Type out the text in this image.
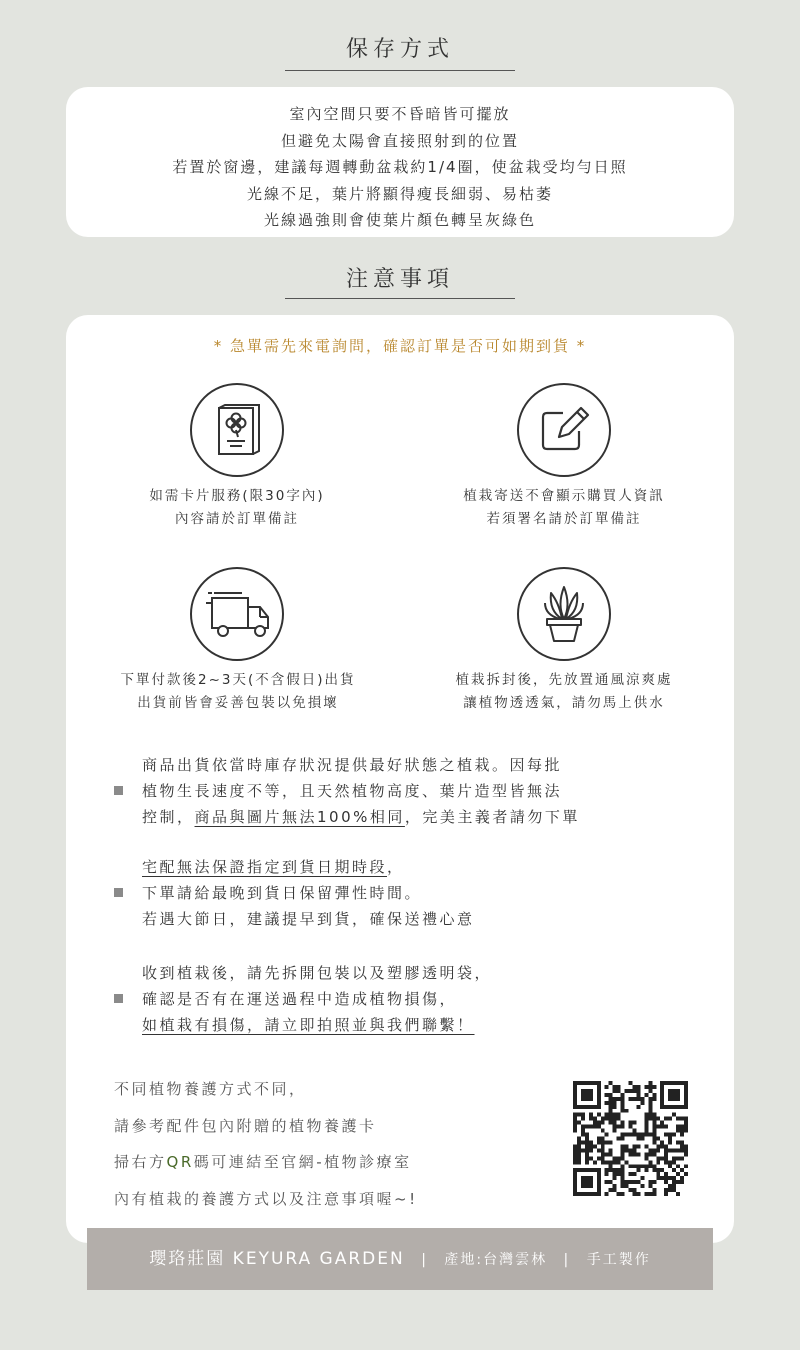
保存方式
室內空間只要不昏暗皆可擺放
但避免太陽會直接照射到的位置
若置於窗邊，建議每週轉動盆栽約1/4圈，使盆栽受均勻日照
光線不足，葉片將顯得瘦長細弱、易枯萎
光線過強則會使葉片顏色轉呈灰綠色
注意事項
* 急單需先來電詢問，確認訂單是否可如期到貨 *
如需卡片服務(限30字內)
內容請於訂單備註
植栽寄送不會顯示購買人資訊
若須署名請於訂單備註
下單付款後2~3天(不含假日)出貨
出貨前皆會妥善包裝以免損壞
植栽拆封後，先放置通風涼爽處
讓植物透透氣，請勿馬上供水
商品出貨依當時庫存狀況提供最好狀態之植栽。因每批
植物生長速度不等，且天然植物高度、葉片造型皆無法
控制，商品與圖片無法100%相同，完美主義者請勿下單
宅配無法保證指定到貨日期時段，
下單請給最晚到貨日保留彈性時間。
若遇大節日，建議提早到貨，確保送禮心意
收到植栽後，請先拆開包裝以及塑膠透明袋，
確認是否有在運送過程中造成植物損傷，
如植栽有損傷，請立即拍照並與我們聯繫！
不同植物養護方式不同，
請參考配件包內附贈的植物養護卡
掃右方QR碼可連結至官網-植物診療室
內有植栽的養護方式以及注意事項喔~!
瓔珞莊園 KEYURA GARDEN | 產地:台灣雲林 | 手工製作
